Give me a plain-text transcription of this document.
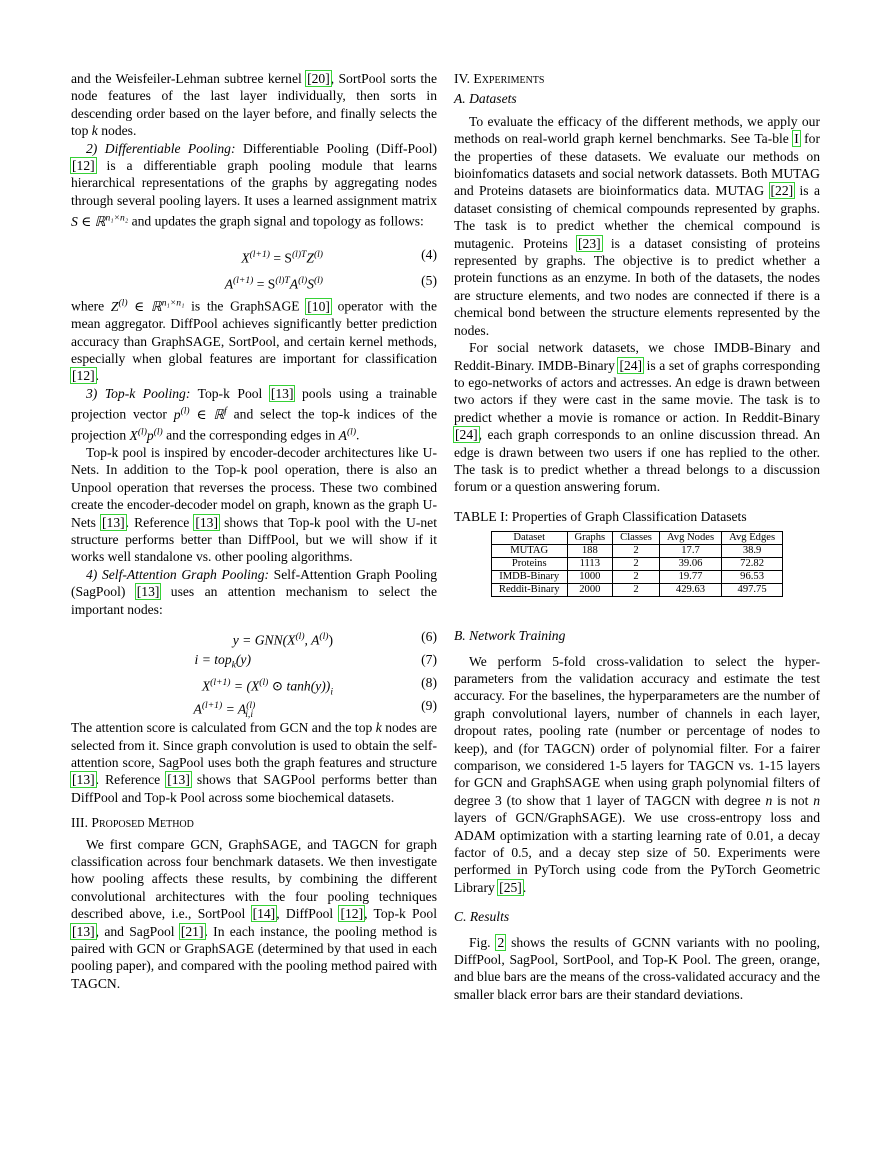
and the Weisfeiler-Lehman subtree kernel [20], SortPool sorts the node features of the last layer individually, then sorts in descending order based on the layer before, and finally selects the top k nodes.

2) Differentiable Pooling: Differentiable Pooling (Diff-Pool) [12] is a differentiable graph pooling module that learns hierarchical representations of the graphs by aggregating nodes through several pooling layers. It uses a learned assignment matrix S ∈ ℝ$^{n_1\times n_2}$ and updates the graph signal and topology as follows:

$X^{(l+1)} = S^{(l)T}Z^{(l)}$	(4)
$A^{(l+1)} = S^{(l)T}A^{(l)}S^{(l)}$	(5)

where $Z^{(l)}$ ∈ ℝ$^{n_1\times n_1}$ is the GraphSAGE [10] operator with the mean aggregator. DiffPool achieves significantly better prediction accuracy than GraphSAGE, SortPool, and certain kernel methods, especially when global features are important for classification [12].

3) Top-k Pooling: Top-k Pool [13] pools using a trainable projection vector $p^{(l)}$ ∈ ℝ$^f$ and select the top-k indices of the projection $X^{(l)}p^{(l)}$ and the corresponding edges in $A^{(l)}$.

Top-k pool is inspired by encoder-decoder architectures like U-Nets. In addition to the Top-k pool operation, there is also an Unpool operation that reverses the process. These two combined create the encoder-decoder model on graph, known as the graph U-Nets [13]. Reference [13] shows that Top-k pool with the U-net structure performs better than DiffPool, but we will show if it works well standalone vs. other pooling algorithms.

4) Self-Attention Graph Pooling: Self-Attention Graph Pooling (SagPool) [13] uses an attention mechanism to select the important nodes:

$y = GNN(X^{(l)}$, $A^{(l)}$)	(6)
i = top$_k$(y)	(7)
$X^{(l+1)} = (X^{(l)}$ ⊙ $\tanh(y))_i$
(8)
$A^{(l+1)} = A^{(l)}_{i,i}$
(9)

The attention score is calculated from GCN and the top k nodes are selected from it. Since graph convolution is used to obtain the self-attention score, SagPool uses both the graph features and structure [13]. Reference [13] shows that SAGPool performs better than DiffPool and Top-k Pool across some biochemical datasets.

III. Proposed Method

We first compare GCN, GraphSAGE, and TAGCN for graph classification across four benchmark datasets. We then investigate how pooling affects these results, by combining the different convolutional architectures with the four pooling techniques described above, i.e., SortPool [14], DiffPool [12], Top-k Pool [13], and SagPool [21]. In each instance, the pooling method is paired with GCN or GraphSAGE (determined by that used in each pooling paper), and compared with the pooling method paired with TAGCN.

IV. Experiments

A. Datasets

To evaluate the efficacy of the different methods, we apply our methods on real-world graph kernel benchmarks. See Ta-ble I for the properties of these datasets. We evaluate our methods on bioinfomatics datasets and social network datassets. Both MUTAG and Proteins datasets are bioinformatics data. MUTAG [22] is a dataset consisting of chemical compounds represented by graphs. The task is to predict whether the chemical compound is mutagenic. Proteins [23] is a dataset consisting of proteins represented by graphs. The objective is to predict whether a protein functions as an enzyme. In both of the datasets, the nodes are structure elements, and two nodes are connected if there is a chemical bond between the structure elements represented by the nodes.

For social network datasets, we chose IMDB-Binary and Reddit-Binary. IMDB-Binary [24] is a set of graphs corresponding to ego-networks of actors and actresses. An edge is drawn between two actors if they were cast in the same movie. The task is to predict whether a movie is romance or action. In Reddit-Binary [24], each graph corresponds to an online discussion thread. An edge is drawn between two users if one has replied to the other. The task is to predict whether a thread belongs to a discussion forum or a question answering forum.

TABLE I: Properties of Graph Classification Datasets

Dataset	Graphs	Classes	Avg Nodes	Avg Edges
MUTAG	188	2	17.7	38.9
Proteins	1113	2	39.06	72.82
IMDB-Binary	1000	2	19.77	96.53
Reddit-Binary	2000	2	429.63	497.75

B. Network Training

We perform 5-fold cross-validation to select the hyper-parameters from the validation accuracy and estimate the test accuracy. For the baselines, the hyperparameters are the number of graph convolutional layers, number of channels in each layer, dropout rates, pooling rate (number or percentage of nodes to keep), and (for TAGCN) order of polynomial filter. For a fairer comparison, we considered 1-5 layers for TAGCN vs. 1-15 layers for GCN and GraphSAGE when using graph polynomial filters of degree 3 (to show that 1 layer of TAGCN with degree n is not n layers of GCN/GraphSAGE). We use cross-entropy loss and ADAM optimization with a starting learning rate of 0.01, a decay factor of 0.5, and a decay step size of 50. Experiments were performed in PyTorch using code from the PyTorch Geometric Library [25].

C. Results

Fig. 2 shows the results of GCNN variants with no pooling, DiffPool, SagPool, SortPool, and Top-K Pool. The green, orange, and blue bars are the means of the cross-validated accuracy and the smaller black error bars are their standard deviations.
